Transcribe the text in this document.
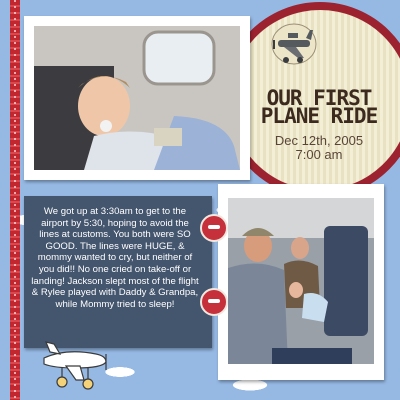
OUR FIRST
PLANE RIDE
Dec 12th, 2005
7:00 am
We got up at 3:30am to get to the airport by 5:30, hoping to avoid the lines at customs. You both were SO GOOD. The lines were HUGE, & mommy wanted to cry, but neither of you did!! No one cried on take-off or landing! Jackson slept most of the flight & Rylee played with Daddy & Grandpa, while Mommy tried to sleep!
